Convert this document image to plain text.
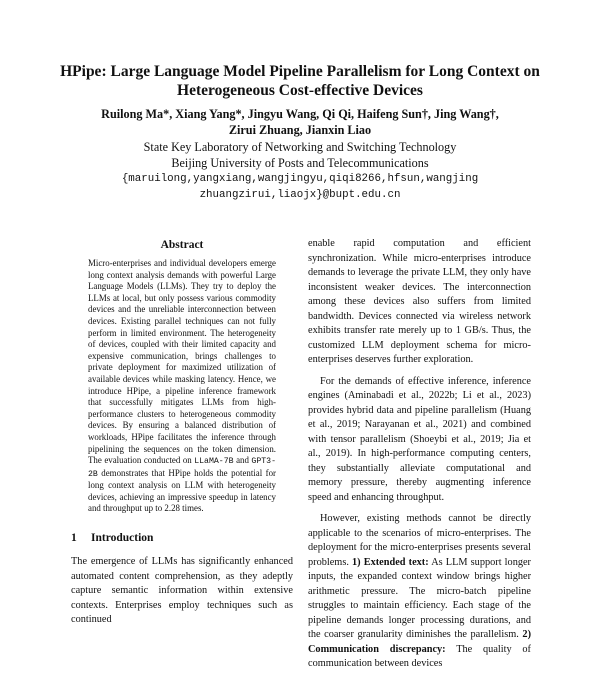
HPipe: Large Language Model Pipeline Parallelism for Long Context on Heterogeneous Cost-effective Devices
Ruilong Ma*, Xiang Yang*, Jingyu Wang, Qi Qi, Haifeng Sun†, Jing Wang†,
Zirui Zhuang, Jianxin Liao
State Key Laboratory of Networking and Switching Technology
Beijing University of Posts and Telecommunications
{maruilong,yangxiang,wangjingyu,qiqi8266,hfsun,wangjing
zhuangzirui,liaojx}@bupt.edu.cn
Abstract
Micro-enterprises and individual developers emerge long context analysis demands with powerful Large Language Models (LLMs). They try to deploy the LLMs at local, but only possess various commodity devices and the unreliable interconnection between devices. Existing parallel techniques can not fully perform in limited environment. The heterogeneity of devices, coupled with their limited capacity and expensive communication, brings challenges to private deployment for maximized utilization of available devices while masking latency. Hence, we introduce HPipe, a pipeline inference framework that successfully mitigates LLMs from high-performance clusters to heterogeneous commodity devices. By ensuring a balanced distribution of workloads, HPipe facilitates the inference through pipelining the sequences on the token dimension. The evaluation conducted on LLaMA-7B and GPT3-2B demonstrates that HPipe holds the potential for long context analysis on LLM with heterogeneity devices, achieving an impressive speedup in latency and throughput up to 2.28 times.
1 Introduction
The emergence of LLMs has significantly enhanced automated content comprehension, as they adeptly capture semantic information within extensive contexts. Enterprises employ techniques such as continued

enable rapid computation and efficient synchronization. While micro-enterprises introduce demands to leverage the private LLM, they only have inconsistent weaker devices. The interconnection among these devices also suffers from limited bandwidth. Devices connected via wireless network exhibits transfer rate merely up to 1 GB/s. Thus, the customized LLM deployment schema for micro-enterprises deserves further exploration.

For the demands of effective inference, inference engines (Aminabadi et al., 2022b; Li et al., 2023) provides hybrid data and pipeline parallelism (Huang et al., 2019; Narayanan et al., 2021) and combined with tensor parallelism (Shoeybi et al., 2019; Jia et al., 2019). In high-performance computing centers, they substantially alleviate computational and memory pressure, thereby augmenting inference speed and enhancing throughput.

However, existing methods cannot be directly applicable to the scenarios of micro-enterprises. The deployment for the micro-enterprises presents several problems. 1) Extended text: As LLM support longer inputs, the expanded context window brings higher arithmetic pressure. The micro-batch pipeline struggles to maintain efficiency. Each stage of the pipeline demands longer processing durations, and the coarser granularity diminishes the parallelism. 2) Communication discrepancy: The quality of communication between devices
